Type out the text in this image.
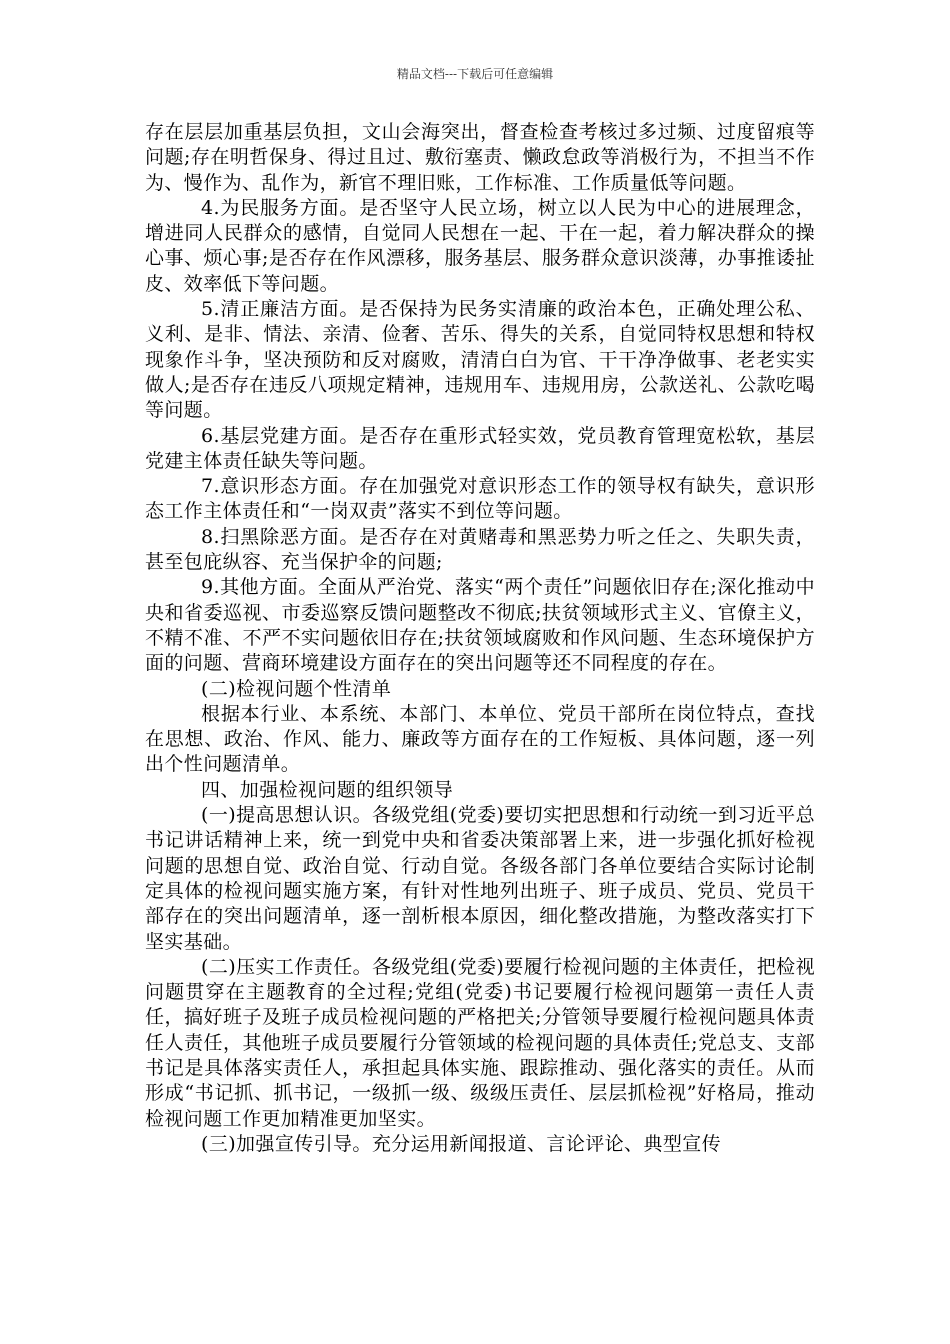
精品文档---下载后可任意编辑

存在层层加重基层负担，文山会海突出，督查检查考核过多过频、过度留痕等问题;存在明哲保身、得过且过、敷衍塞责、懒政怠政等消极行为，不担当不作为、慢作为、乱作为，新官不理旧账，工作标准、工作质量低等问题。

4.为民服务方面。是否坚守人民立场，树立以人民为中心的进展理念，增进同人民群众的感情，自觉同人民想在一起、干在一起，着力解决群众的操心事、烦心事;是否存在作风漂移，服务基层、服务群众意识淡薄，办事推诿扯皮、效率低下等问题。

5.清正廉洁方面。是否保持为民务实清廉的政治本色，正确处理公私、义利、是非、情法、亲清、俭奢、苦乐、得失的关系，自觉同特权思想和特权现象作斗争，坚决预防和反对腐败，清清白白为官、干干净净做事、老老实实做人;是否存在违反八项规定精神，违规用车、违规用房，公款送礼、公款吃喝等问题。

6.基层党建方面。是否存在重形式轻实效，党员教育管理宽松软，基层党建主体责任缺失等问题。

7.意识形态方面。存在加强党对意识形态工作的领导权有缺失，意识形态工作主体责任和“一岗双责”落实不到位等问题。

8.扫黑除恶方面。是否存在对黄赌毒和黑恶势力听之任之、失职失责，甚至包庇纵容、充当保护伞的问题;

9.其他方面。全面从严治党、落实“两个责任”问题依旧存在;深化推动中央和省委巡视、市委巡察反馈问题整改不彻底;扶贫领域形式主义、官僚主义，不精不准、不严不实问题依旧存在;扶贫领域腐败和作风问题、生态环境保护方面的问题、营商环境建设方面存在的突出问题等还不同程度的存在。

(二)检视问题个性清单

根据本行业、本系统、本部门、本单位、党员干部所在岗位特点，查找在思想、政治、作风、能力、廉政等方面存在的工作短板、具体问题，逐一列出个性问题清单。

四、加强检视问题的组织领导

(一)提高思想认识。各级党组(党委)要切实把思想和行动统一到习近平总书记讲话精神上来，统一到党中央和省委决策部署上来，进一步强化抓好检视问题的思想自觉、政治自觉、行动自觉。各级各部门各单位要结合实际讨论制定具体的检视问题实施方案，有针对性地列出班子、班子成员、党员、党员干部存在的突出问题清单，逐一剖析根本原因，细化整改措施，为整改落实打下坚实基础。

(二)压实工作责任。各级党组(党委)要履行检视问题的主体责任，把检视问题贯穿在主题教育的全过程;党组(党委)书记要履行检视问题第一责任人责任，搞好班子及班子成员检视问题的严格把关;分管领导要履行检视问题具体责任人责任，其他班子成员要履行分管领域的检视问题的具体责任;党总支、支部书记是具体落实责任人，承担起具体实施、跟踪推动、强化落实的责任。从而形成“书记抓、抓书记，一级抓一级、级级压责任、层层抓检视”好格局，推动检视问题工作更加精准更加坚实。

(三)加强宣传引导。充分运用新闻报道、言论评论、典型宣传
